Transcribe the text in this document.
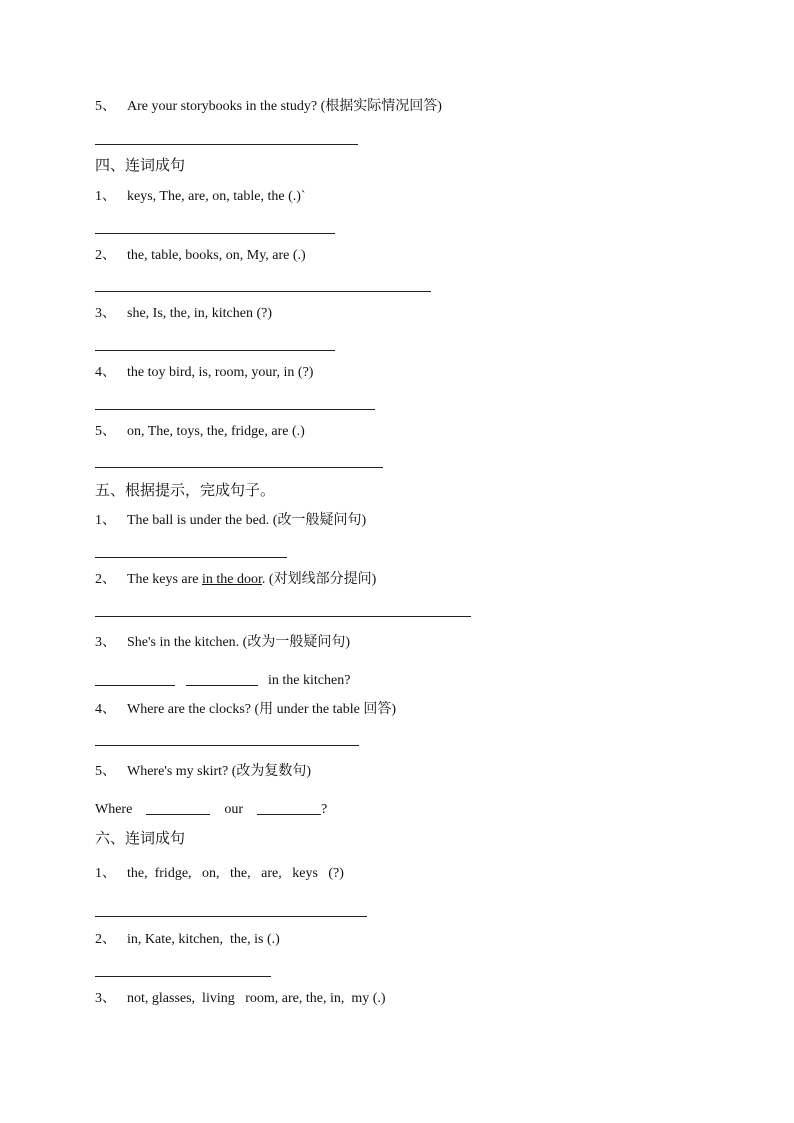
5、 Are your storybooks in the study? (根据实际情况回答)
四、连词成句
1、 keys, The, are, on, table, the (.)`
2、 the, table, books, on, My, are (.)
3、 she, Is, the, in, kitchen (?)
4、 the toy bird, is, room, your, in (?)
5、 on, The, toys, the, fridge, are (.)
五、根据提示，完成句子。
1、 The ball is under the bed. (改一般疑问句)
2、 The keys are in the door. (对划线部分提问)
3、 She's in the kitchen. (改为一般疑问句)
in the kitchen?
4、 Where are the clocks? (用 under the table 回答)
5、 Where's my skirt? (改为复数句)
Where	our	?
六、连词成句
1、 the,  fridge,   on,   the,   are,   keys   (?)
2、 in, Kate, kitchen,  the, is (.)
3、 not, glasses,  living   room, are, the, in,  my (.)
